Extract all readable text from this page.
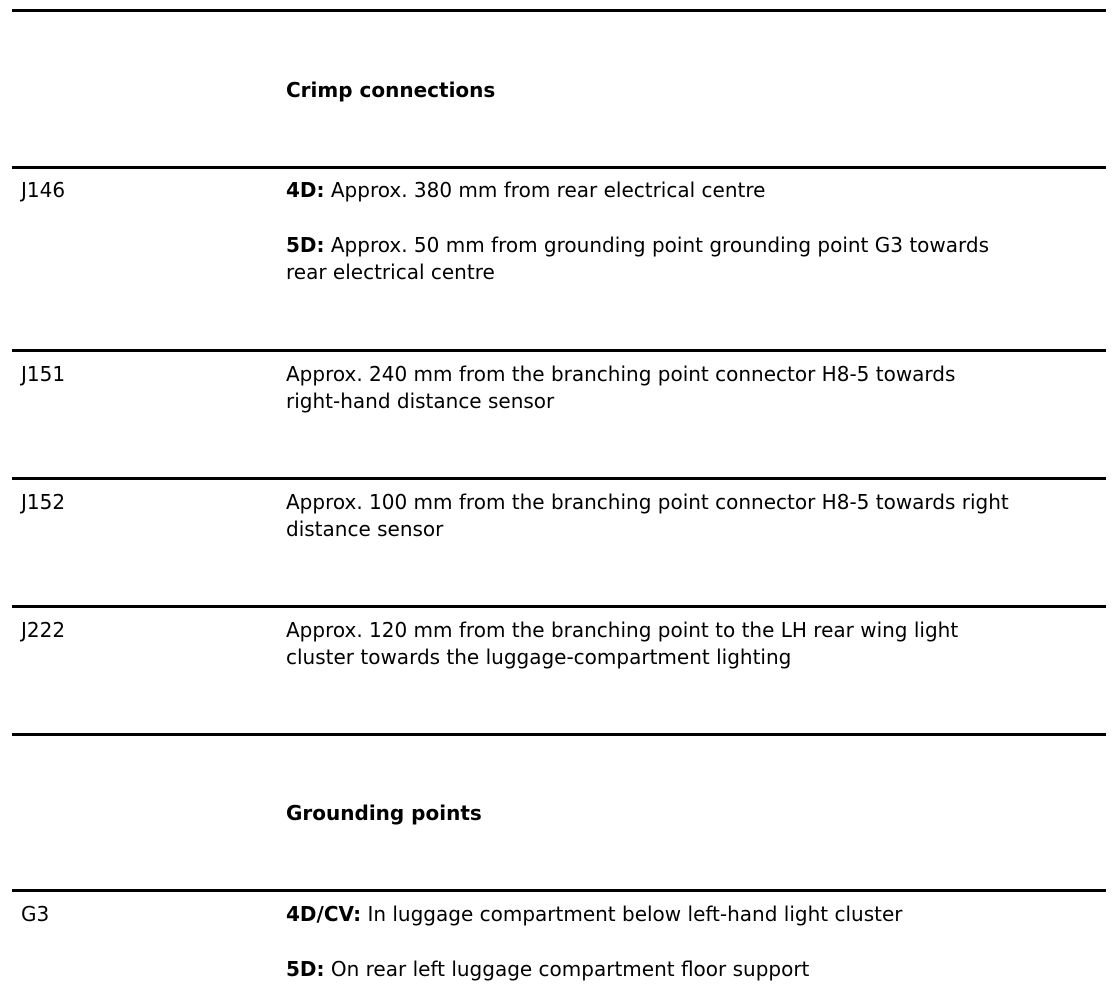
Crimp connections
J146	4D: Approx. 380 mm from rear electrical centre
5D: Approx. 50 mm from grounding point grounding point G3 towards
rear electrical centre
J151	Approx. 240 mm from the branching point connector H8-5 towards
right-hand distance sensor
J152	Approx. 100 mm from the branching point connector H8-5 towards right
distance sensor
J222	Approx. 120 mm from the branching point to the LH rear wing light
cluster towards the luggage-compartment lighting
Grounding points
G3	4D/CV: In luggage compartment below left-hand light cluster
5D: On rear left luggage compartment floor support
